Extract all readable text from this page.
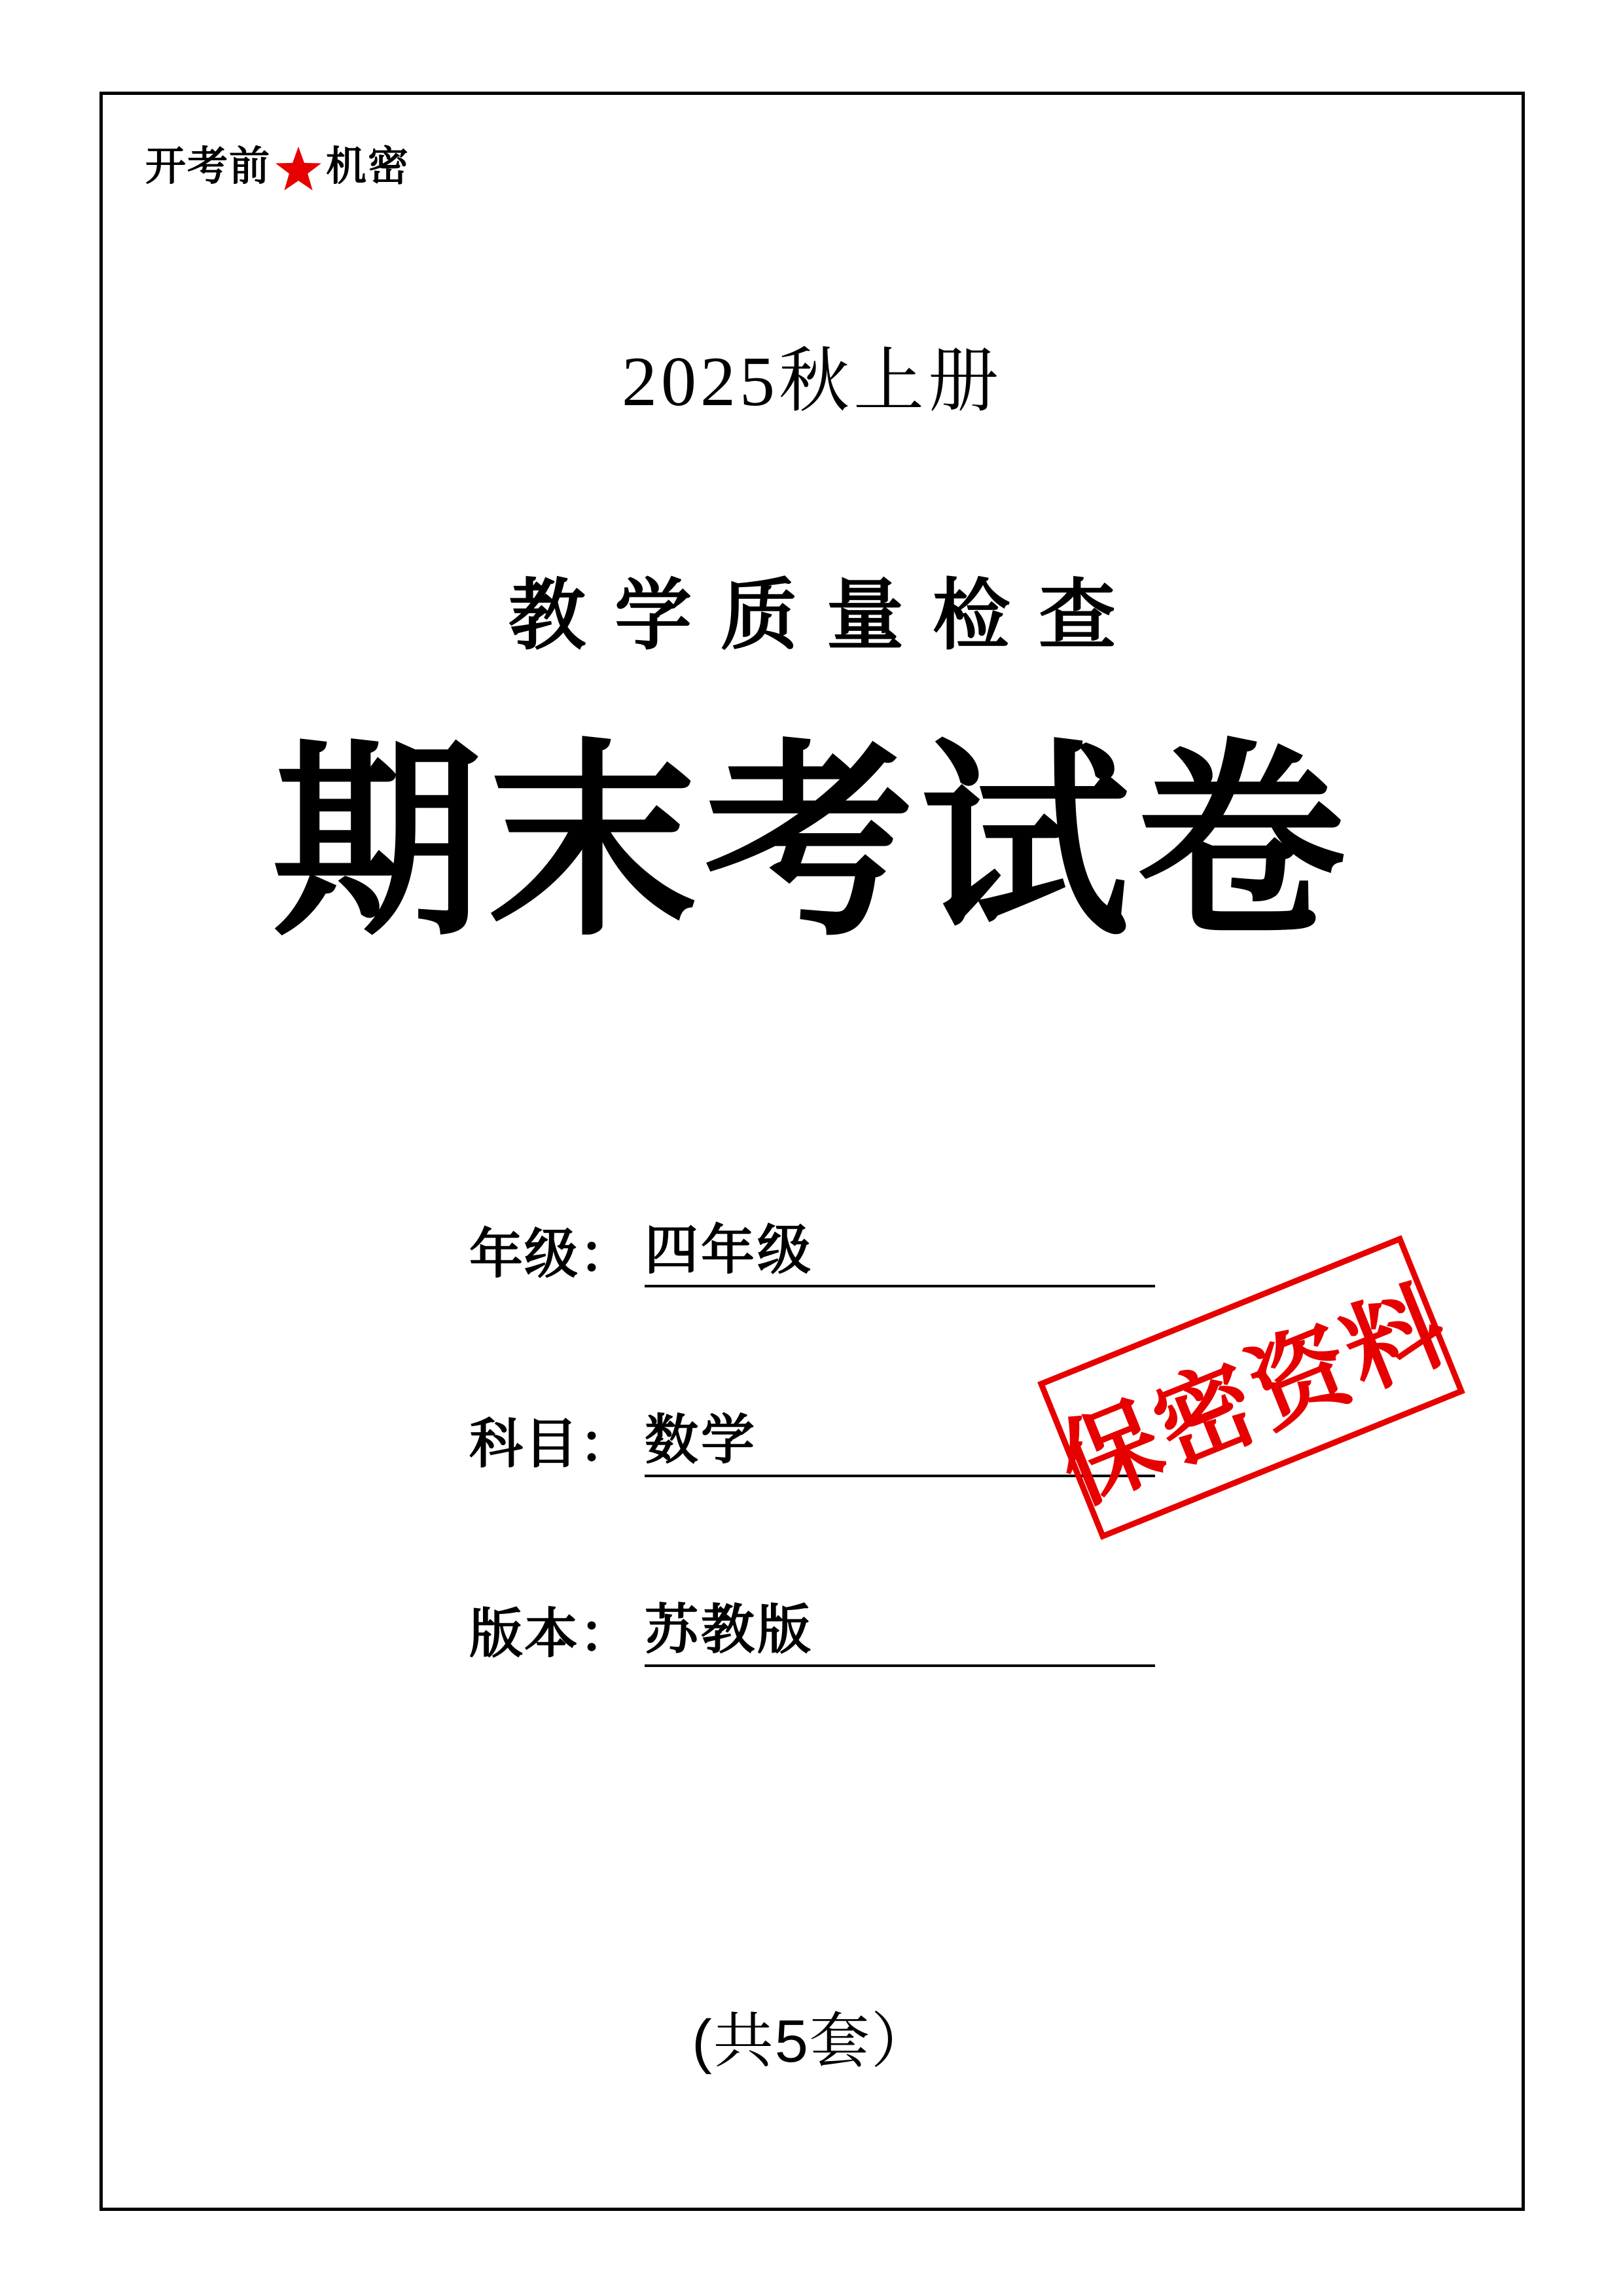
开考前 机密
2025秋上册
教学质量检查
期末考试卷
年级： 四年级
科目： 数学
版本： 苏教版
保密资料
(共5套）
